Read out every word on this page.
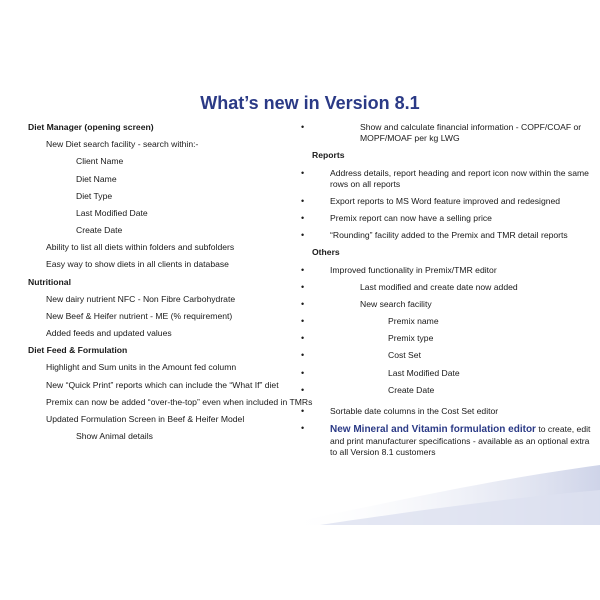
What’s new in Version 8.1

Diet Manager (opening screen)

• New Diet search facility - search within:-
• Client Name
• Diet Name
• Diet Type
• Last Modified Date
• Create Date
• Ability to list all diets within folders and subfolders
• Easy way to show diets in all clients in database

Nutritional

• New dairy nutrient NFC - Non Fibre Carbohydrate
• New Beef & Heifer nutrient - ME (% requirement)
• Added feeds and updated values

Diet Feed & Formulation

• Highlight and Sum units in the Amount fed column
• New “Quick Print” reports which can include the “What If” diet
• Premix can now be added “over-the-top” even when included in TMRs
• Updated Formulation Screen in Beef & Heifer Model
• Show Animal details
• Show and calculate financial information - COPF/COAF or MOPF/MOAF per kg LWG

Reports

• Address details, report heading and report icon now within the same rows on all reports
• Export reports to MS Word feature improved and redesigned
• Premix report can now have a selling price
• “Rounding” facility added to the Premix and TMR detail reports

Others

• Improved functionality in Premix/TMR editor
• Last modified and create date now added
• New search facility
• Premix name
• Premix type
• Cost Set
• Last Modified Date
• Create Date
• Sortable date columns in the Cost Set editor
• New Mineral and Vitamin formulation editor to create, edit and print manufacturer specifications - available as an optional extra to all Version 8.1 customers
